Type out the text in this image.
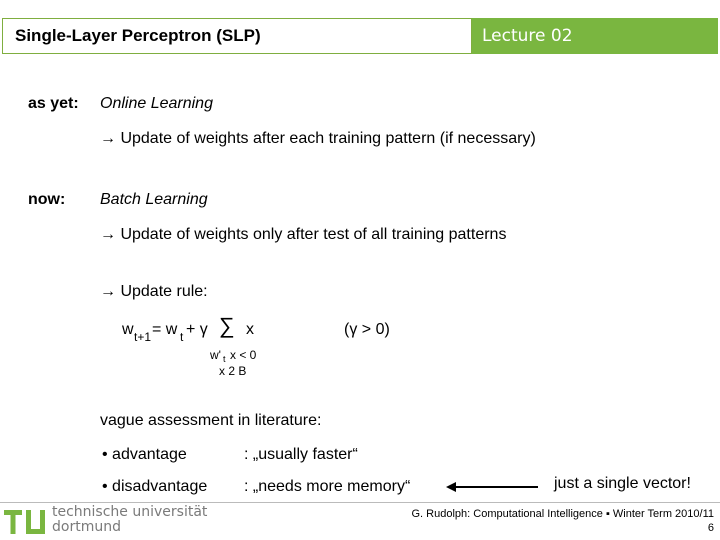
Single-Layer Perceptron (SLP)	Lecture 02
as yet: Online Learning
→ Update of weights after each training pattern (if necessary)
now: Batch Learning
→ Update of weights only after test of all training patterns
→ Update rule:
w t+1 = w t + γ ∑ x	(γ > 0)
w' t x < 0
x 2 B
vague assessment in literature:
• advantage	: „usually faster“
• disadvantage : „needs more memory“	just a single vector!
technische universität
dortmund
G. Rudolph: Computational Intelligence ▪ Winter Term 2010/11
6
